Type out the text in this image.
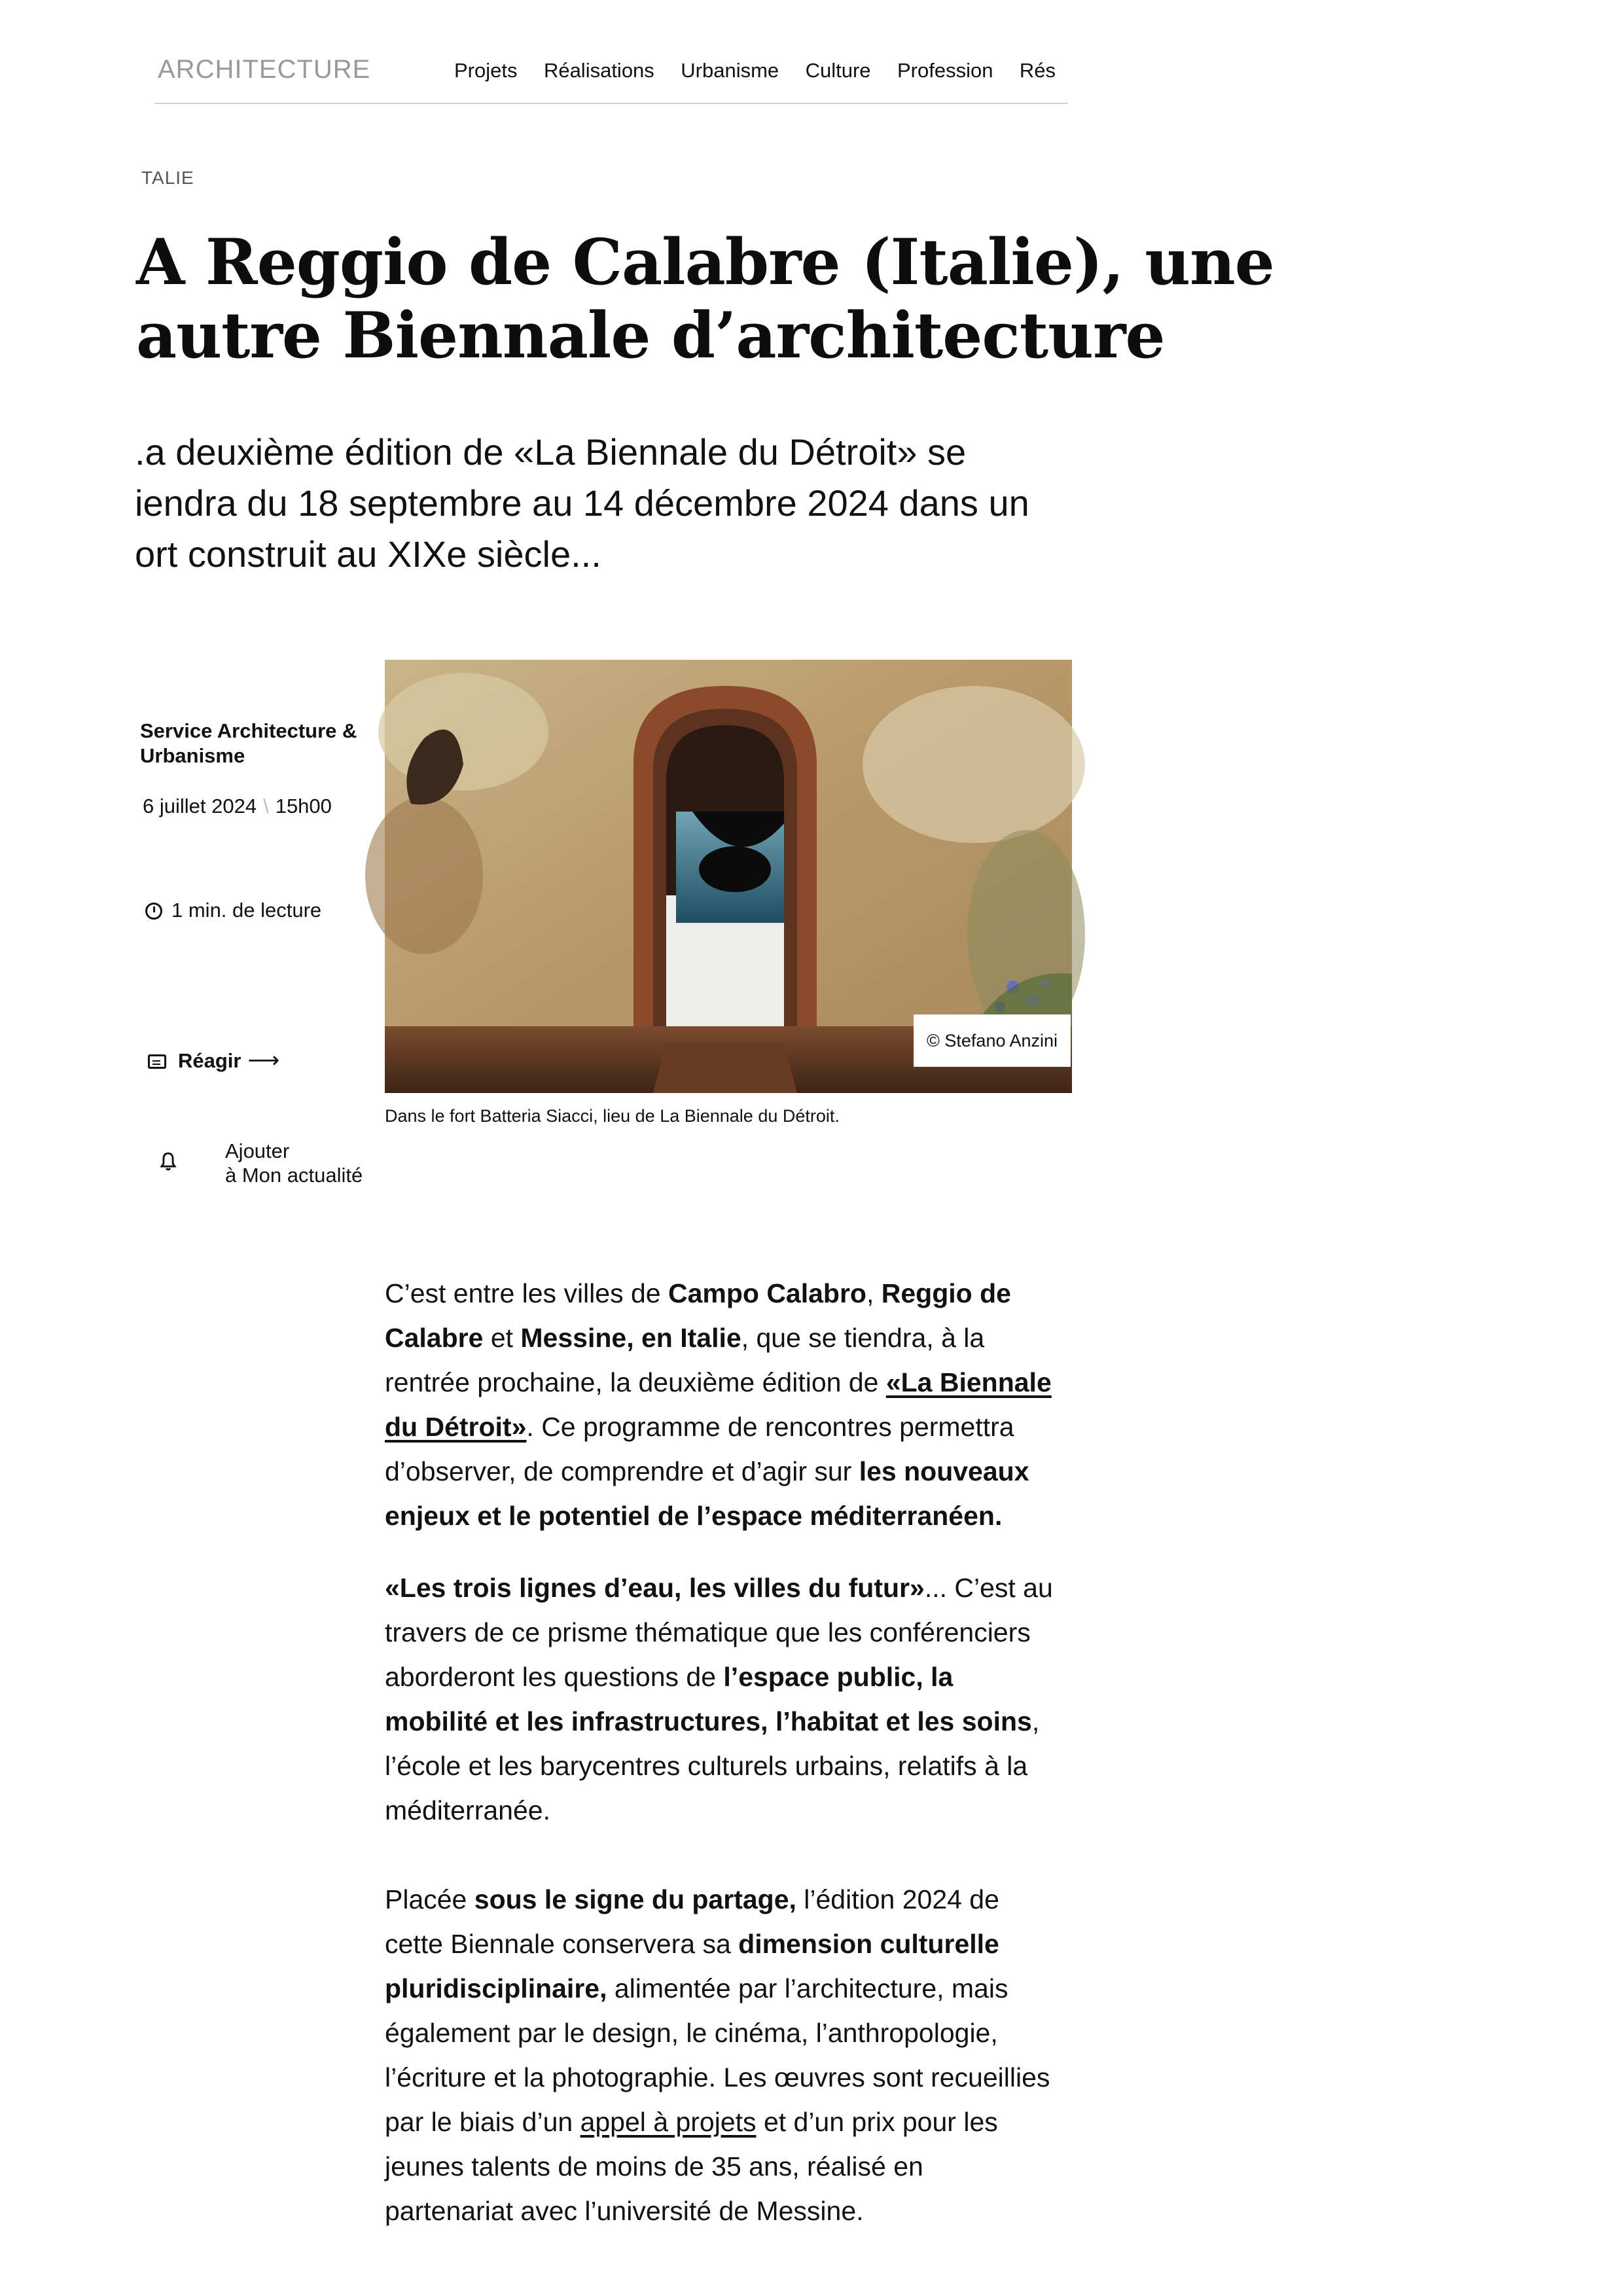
ARCHITECTURE	Projets Réalisations Urbanisme Culture Profession Rés
TALIE
A Reggio de Calabre (Italie), une
autre Biennale d’architecture

.a deuxième édition de «La Biennale du Détroit» se
iendra du 18 septembre au 14 décembre 2024 dans un
ort construit au XIXe siècle...

Service Architecture & Urbanisme
6 juillet 2024 \ 15h00
1 min. de lecture
Réagir ⟶
Ajouter
à Mon actualité
© Stefano Anzini
Dans le fort Batteria Siacci, lieu de La Biennale du Détroit.

C’est entre les villes de Campo Calabro, Reggio de
Calabre et Messine, en Italie, que se tiendra, à la
rentrée prochaine, la deuxième édition de «La Biennale
du Détroit». Ce programme de rencontres permettra
d’observer, de comprendre et d’agir sur les nouveaux
enjeux et le potentiel de l’espace méditerranéen.

«Les trois lignes d’eau, les villes du futur»... C’est au
travers de ce prisme thématique que les conférenciers
aborderont les questions de l’espace public, la
mobilité et les infrastructures, l’habitat et les soins,
l’école et les barycentres culturels urbains, relatifs à la
méditerranée.

Placée sous le signe du partage, l’édition 2024 de
cette Biennale conservera sa dimension culturelle
pluridisciplinaire, alimentée par l’architecture, mais
également par le design, le cinéma, l’anthropologie,
l’écriture et la photographie. Les œuvres sont recueillies
par le biais d’un appel à projets et d’un prix pour les
jeunes talents de moins de 35 ans, réalisé en
partenariat avec l’université de Messine.
